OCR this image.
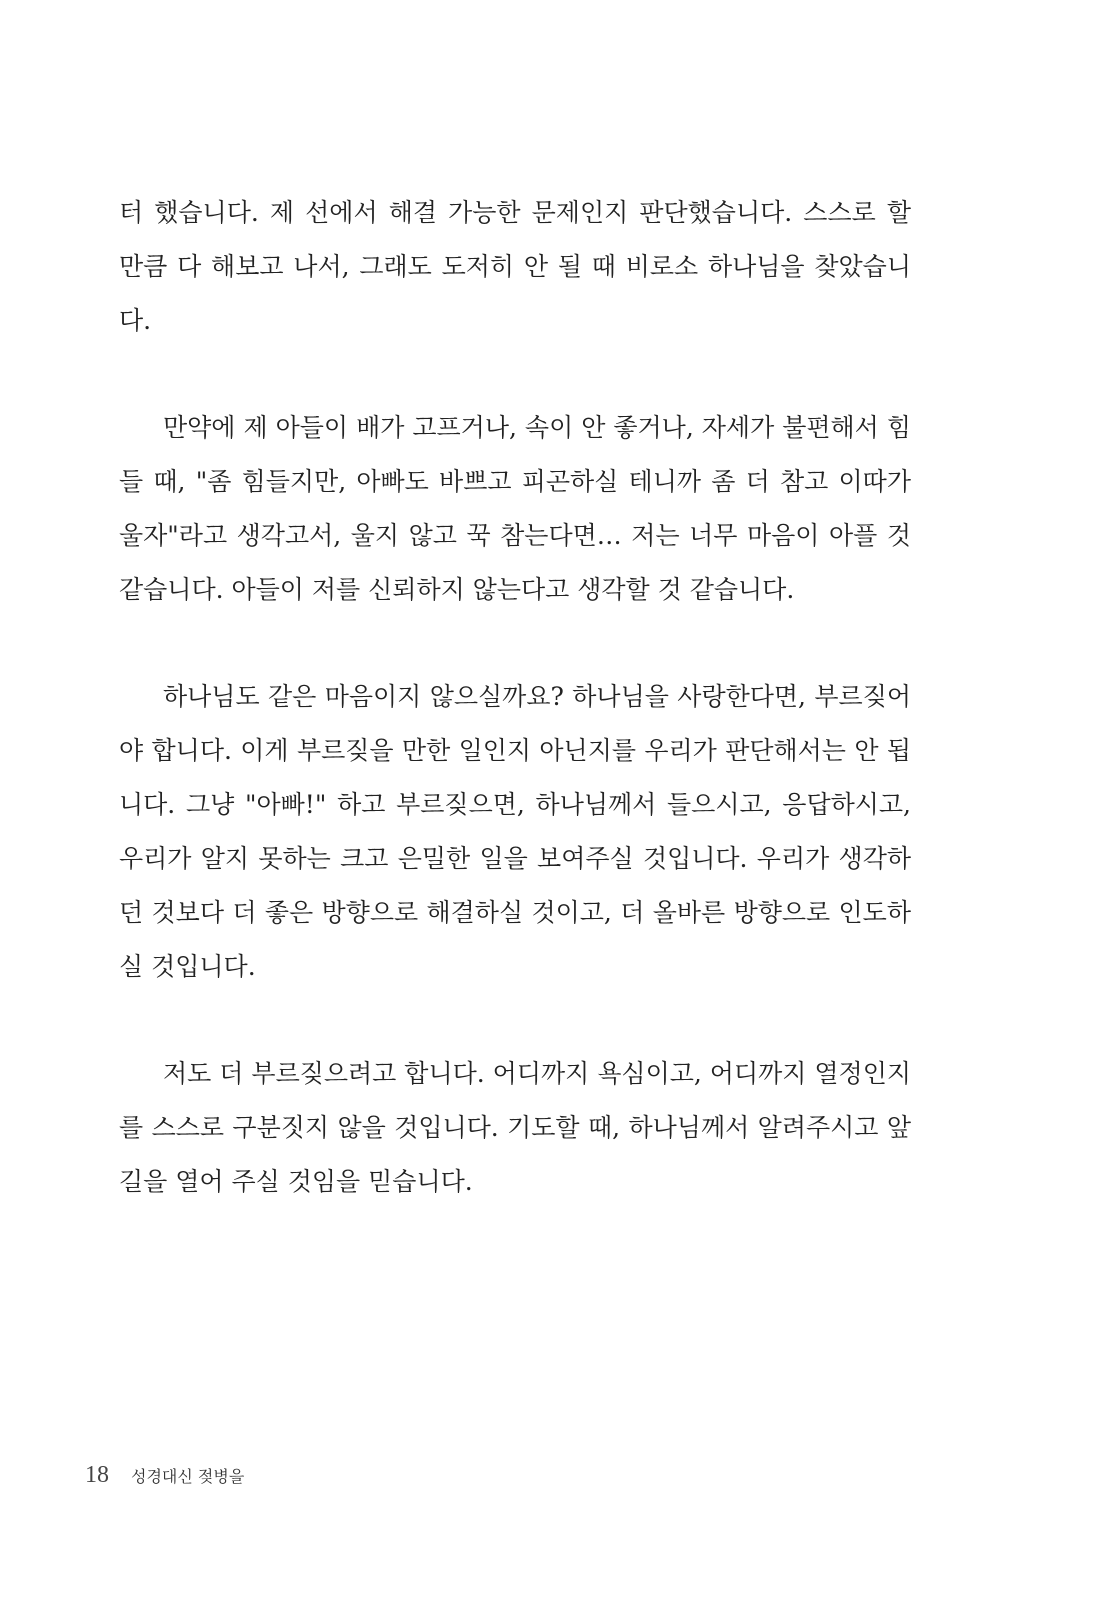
터 했습니다. 제 선에서 해결 가능한 문제인지 판단했습니다. 스스로 할 만큼 다 해보고 나서, 그래도 도저히 안 될 때 비로소 하나님을 찾았습니다.

만약에 제 아들이 배가 고프거나, 속이 안 좋거나, 자세가 불편해서 힘들 때, "좀 힘들지만, 아빠도 바쁘고 피곤하실 테니까 좀 더 참고 이따가 울자"라고 생각고서, 울지 않고 꾹 참는다면… 저는 너무 마음이 아플 것 같습니다. 아들이 저를 신뢰하지 않는다고 생각할 것 같습니다.

하나님도 같은 마음이지 않으실까요? 하나님을 사랑한다면, 부르짖어야 합니다. 이게 부르짖을 만한 일인지 아닌지를 우리가 판단해서는 안 됩니다. 그냥 "아빠!" 하고 부르짖으면, 하나님께서 들으시고, 응답하시고, 우리가 알지 못하는 크고 은밀한 일을 보여주실 것입니다. 우리가 생각하던 것보다 더 좋은 방향으로 해결하실 것이고, 더 올바른 방향으로 인도하실 것입니다.

저도 더 부르짖으려고 합니다. 어디까지 욕심이고, 어디까지 열정인지를 스스로 구분짓지 않을 것입니다. 기도할 때, 하나님께서 알려주시고 앞길을 열어 주실 것임을 믿습니다.

18 성경대신 젖병을
